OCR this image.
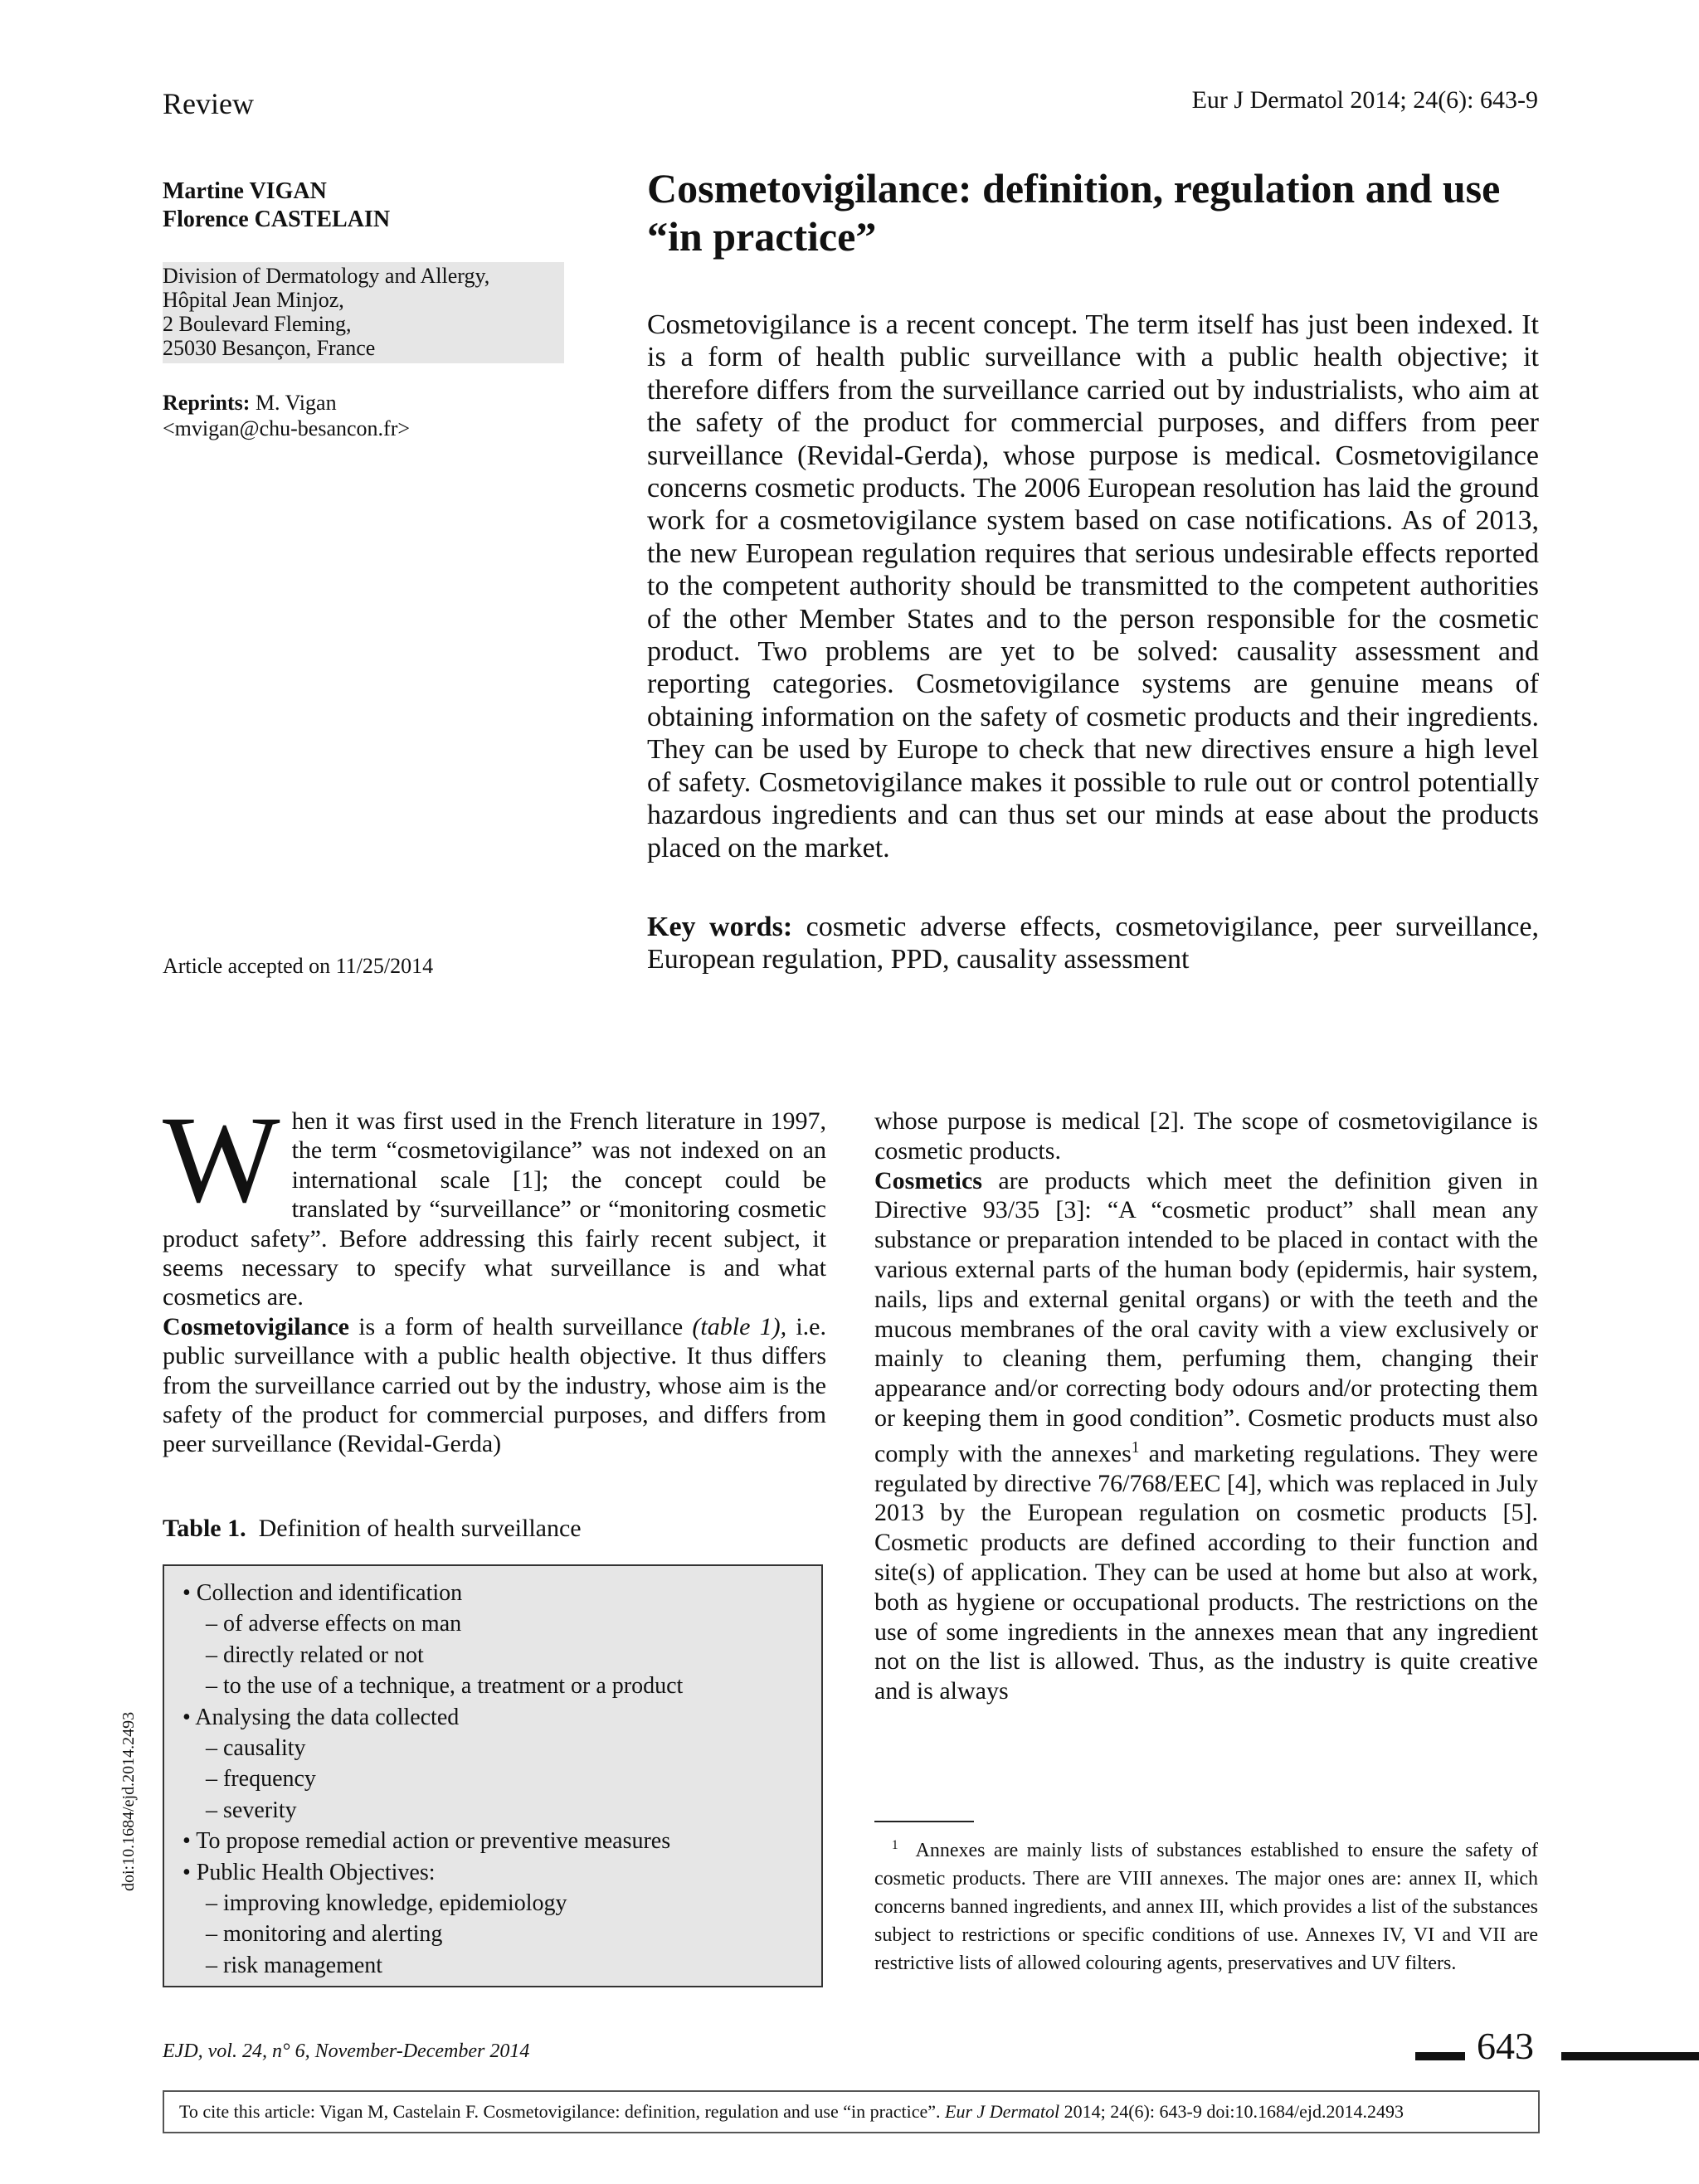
Review	Eur J Dermatol 2014; 24(6): 643-9
Martine VIGAN
Florence CASTELAIN
Division of Dermatology and Allergy,
Hôpital Jean Minjoz,
2 Boulevard Fleming,
25030 Besançon, France
Reprints: M. Vigan
<mvigan@chu-besancon.fr>
Article accepted on 11/25/2014
Cosmetovigilance: definition, regulation and use “in practice”
Cosmetovigilance is a recent concept. The term itself has just been indexed. It is a form of health public surveillance with a public health objective; it therefore differs from the surveillance carried out by industrialists, who aim at the safety of the product for commercial purposes, and differs from peer surveillance (Revidal-Gerda), whose purpose is medical. Cosmetovigilance concerns cosmetic products. The 2006 European resolution has laid the ground work for a cosmetovigilance system based on case notifications. As of 2013, the new European regulation requires that serious undesirable effects reported to the competent authority should be transmitted to the competent authorities of the other Member States and to the person responsible for the cosmetic product. Two problems are yet to be solved: causality assessment and reporting categories. Cosmetovigilance systems are genuine means of obtaining information on the safety of cosmetic products and their ingredients. They can be used by Europe to check that new directives ensure a high level of safety. Cosmetovigilance makes it possible to rule out or control potentially hazardous ingredients and can thus set our minds at ease about the products placed on the market.
Key words: cosmetic adverse effects, cosmetovigilance, peer surveillance, European regulation, PPD, causality assessment

When it was first used in the French literature in 1997, the term “cosmetovigilance” was not indexed on an international scale [1]; the concept could be translated by “surveillance” or “monitoring cosmetic product safety”. Before addressing this fairly recent subject, it seems necessary to specify what surveillance is and what cosmetics are.

Cosmetovigilance is a form of health surveillance (table 1), i.e. public surveillance with a public health objective. It thus differs from the surveillance carried out by the industry, whose aim is the safety of the product for commercial purposes, and differs from peer surveillance (Revidal-Gerda)

Table 1. Definition of health surveillance
• Collection and identification
– of adverse effects on man
– directly related or not
– to the use of a technique, a treatment or a product
• Analysing the data collected
– causality
– frequency
– severity
• To propose remedial action or preventive measures
• Public Health Objectives:
– improving knowledge, epidemiology
– monitoring and alerting
– risk management

whose purpose is medical [2]. The scope of cosmetovigilance is cosmetic products.

Cosmetics are products which meet the definition given in Directive 93/35 [3]: “A “cosmetic product” shall mean any substance or preparation intended to be placed in contact with the various external parts of the human body (epidermis, hair system, nails, lips and external genital organs) or with the teeth and the mucous membranes of the oral cavity with a view exclusively or mainly to cleaning them, perfuming them, changing their appearance and/or correcting body odours and/or protecting them or keeping them in good condition”. Cosmetic products must also comply with the annexes$^1$ and marketing regulations. They were regulated by directive 76/768/EEC [4], which was replaced in July 2013 by the European regulation on cosmetic products [5]. Cosmetic products are defined according to their function and site(s) of application. They can be used at home but also at work, both as hygiene or occupational products. The restrictions on the use of some ingredients in the annexes mean that any ingredient not on the list is allowed. Thus, as the industry is quite creative and is always

$^1$ Annexes are mainly lists of substances established to ensure the safety of cosmetic products. There are VIII annexes. The major ones are: annex II, which concerns banned ingredients, and annex III, which provides a list of the substances subject to restrictions or specific conditions of use. Annexes IV, VI and VII are restrictive lists of allowed colouring agents, preservatives and UV filters.
doi:10.1684/ejd.2014.2493
EJD, vol. 24, n° 6, November-December 2014	643
To cite this article: Vigan M, Castelain F. Cosmetovigilance: definition, regulation and use “in practice”. Eur J Dermatol 2014; 24(6): 643-9 doi:10.1684/ejd.2014.2493
